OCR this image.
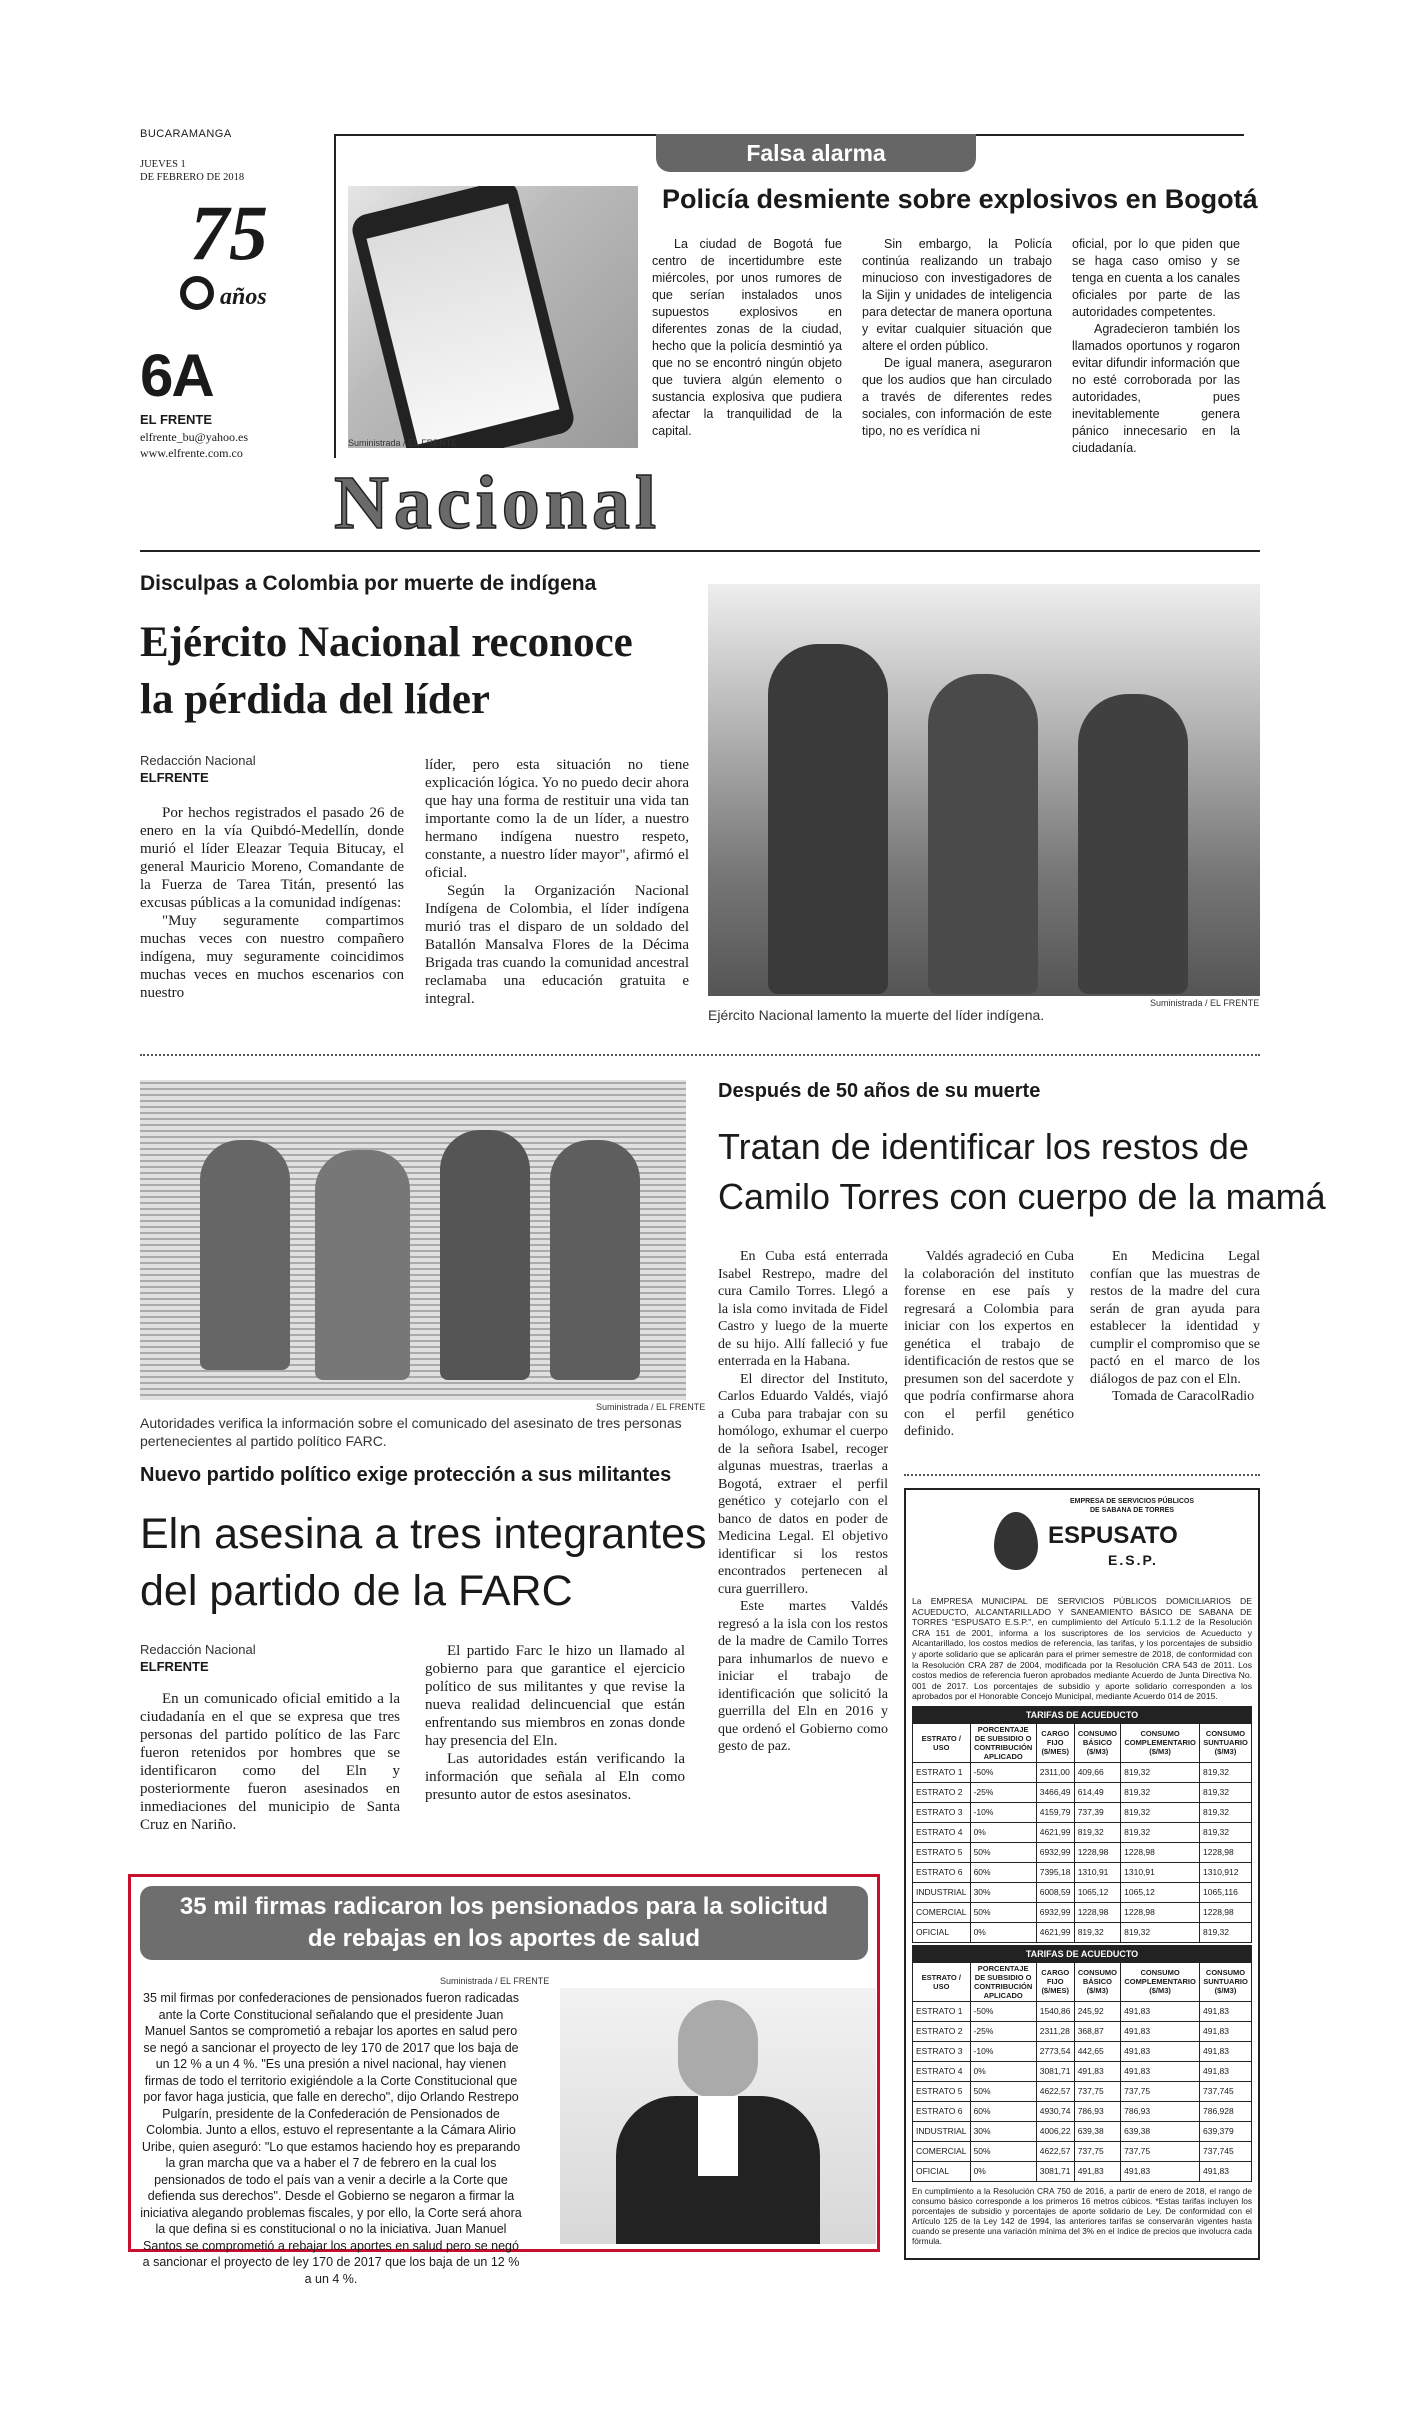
BUCARAMANGA
JUEVES 1
DE FEBRERO DE 2018
75
años
6A
EL FRENTE
elfrente_bu@yahoo.es
www.elfrente.com.co
Falsa alarma
Suministrada / EL FRENTE
Policía desmiente sobre explosivos en Bogotá

La ciudad de Bogotá fue centro de incertidumbre este miércoles, por unos rumores de que serían instalados unos supuestos explosivos en diferentes zonas de la ciudad, hecho que la policía desmintió ya que no se encontró ningún objeto que tuviera algún elemento o sustancia explosiva que pudiera afectar la tranquilidad de la capital.

Sin embargo, la Policía continúa realizando un trabajo minucioso con investigadores de la Sijin y unidades de inteligencia para detectar de manera oportuna y evitar cualquier situación que altere el orden público.

De igual manera, aseguraron que los audios que han circulado a través de diferentes redes sociales, con información de este tipo, no es verídica ni

oficial, por lo que piden que se haga caso omiso y se tenga en cuenta a los canales oficiales por parte de las autoridades competentes.

Agradecieron también los llamados oportunos y rogaron evitar difundir información que no esté corroborada por las autoridades, pues inevitablemente genera pánico innecesario en la ciudadanía.

Nacional
Disculpas a Colombia por muerte de indígena
Ejército Nacional reconoce
la pérdida del líder
Redacción Nacional
ELFRENTE

Por hechos registrados el pasado 26 de enero en la vía Quibdó-Medellín, donde murió el líder Eleazar Tequia Bitucay, el general Mauricio Moreno, Comandante de la Fuerza de Tarea Titán, presentó las excusas públicas a la comunidad indígenas:

"Muy seguramente compartimos muchas veces con nuestro compañero indígena, muy seguramente coincidimos muchas veces en muchos escenarios con nuestro

líder, pero esta situación no tiene explicación lógica. Yo no puedo decir ahora que hay una forma de restituir una vida tan importante como la de un líder, a nuestro hermano indígena nuestro respeto, constante, a nuestro líder mayor", afirmó el oficial.

Según la Organización Nacional Indígena de Colombia, el líder indígena murió tras el disparo de un soldado del Batallón Mansalva Flores de la Décima Brigada tras cuando la comunidad ancestral reclamaba una educación gratuita e integral.

Ejército Nacional lamento la muerte del líder indígena.
Suministrada / EL FRENTE
Suministrada / EL FRENTE
Autoridades verifica la información sobre el comunicado del asesinato de tres personas pertenecientes al partido político FARC.
Nuevo partido político exige protección a sus militantes
Eln asesina a tres integrantes
del partido de la FARC
Redacción Nacional
ELFRENTE

En un comunicado oficial emitido a la ciudadanía en el que se expresa que tres personas del partido político de las Farc fueron retenidos por hombres que se identificaron como del Eln y posteriormente fueron asesinados en inmediaciones del municipio de Santa Cruz en Nariño.

El partido Farc le hizo un llamado al gobierno para que garantice el ejercicio político de sus militantes y que revise la nueva realidad delincuencial que están enfrentando sus miembros en zonas donde hay presencia del Eln.

Las autoridades están verificando la información que señala al Eln como presunto autor de estos asesinatos.

Después de 50 años de su muerte
Tratan de identificar los restos de
Camilo Torres con cuerpo de la mamá

En Cuba está enterrada Isabel Restrepo, madre del cura Camilo Torres. Llegó a la isla como invitada de Fidel Castro y luego de la muerte de su hijo. Allí falleció y fue enterrada en la Habana.

El director del Instituto, Carlos Eduardo Valdés, viajó a Cuba para trabajar con su homólogo, exhumar el cuerpo de la señora Isabel, recoger algunas muestras, traerlas a Bogotá, extraer el perfil genético y cotejarlo con el banco de datos en poder de Medicina Legal. El objetivo identificar si los restos encontrados pertenecen al cura guerrillero.

Este martes Valdés regresó a la isla con los restos de la madre de Camilo Torres para inhumarlos de nuevo e iniciar el trabajo de identificación que solicitó la guerrilla del Eln en 2016 y que ordenó el Gobierno como gesto de paz.

Valdés agradeció en Cuba la colaboración del instituto forense en ese país y regresará a Colombia para iniciar con los expertos en genética el trabajo de identificación de restos que se presumen son del sacerdote y que podría confirmarse ahora con el perfil genético definido.

En Medicina Legal confían que las muestras de restos de la madre del cura serán de gran ayuda para establecer la identidad y cumplir el compromiso que se pactó en el marco de los diálogos de paz con el Eln.

Tomada de CaracolRadio

35 mil firmas radicaron los pensionados para la solicitud
de rebajas en los aportes de salud
Suministrada / EL FRENTE
35 mil firmas por confederaciones de pensionados fueron radicadas ante la Corte Constitucional señalando que el presidente Juan Manuel Santos se comprometió a rebajar los aportes en salud pero se negó a sancionar el proyecto de ley 170 de 2017 que los baja de un 12 % a un 4 %. "Es una presión a nivel nacional, hay vienen firmas de todo el territorio exigiéndole a la Corte Constitucional que por favor haga justicia, que falle en derecho", dijo Orlando Restrepo Pulgarín, presidente de la Confederación de Pensionados de Colombia. Junto a ellos, estuvo el representante a la Cámara Alirio Uribe, quien aseguró: "Lo que estamos haciendo hoy es preparando la gran marcha que va a haber el 7 de febrero en la cual los pensionados de todo el país van a venir a decirle a la Corte que defienda sus derechos". Desde el Gobierno se negaron a firmar la iniciativa alegando problemas fiscales, y por ello, la Corte será ahora la que defina si es constitucional o no la iniciativa. Juan Manuel Santos se comprometió a rebajar los aportes en salud pero se negó a sancionar el proyecto de ley 170 de 2017 que los baja de un 12 % a un 4 %.
EMPRESA DE SERVICIOS PÚBLICOS
DE SABANA DE TORRES
ESPUSATO
E.S.P.
La EMPRESA MUNICIPAL DE SERVICIOS PÚBLICOS DOMICILIARIOS DE ACUEDUCTO, ALCANTARILLADO Y SANEAMIENTO BÁSICO DE SABANA DE TORRES "ESPUSATO E.S.P.", en cumplimiento del Artículo 5.1.1.2 de la Resolución CRA 151 de 2001, informa a los suscriptores de los servicios de Acueducto y Alcantarillado, los costos medios de referencia, las tarifas, y los porcentajes de subsidio y aporte solidario que se aplicarán para el primer semestre de 2018, de conformidad con la Resolución CRA 287 de 2004, modificada por la Resolución CRA 543 de 2011. Los costos medios de referencia fueron aprobados mediante Acuerdo de Junta Directiva No. 001 de 2017. Los porcentajes de subsidio y aporte solidario corresponden a los aprobados por el Honorable Concejo Municipal, mediante Acuerdo 014 de 2015.
TARIFAS DE ACUEDUCTO					
ESTRATO / USO	PORCENTAJE DE SUBSIDIO O CONTRIBUCIÓN APLICADO	CARGO FIJO ($/MES)	CONSUMO BÁSICO ($/M3)	CONSUMO COMPLEMENTARIO ($/M3)	CONSUMO SUNTUARIO ($/M3)
ESTRATO 1	-50%	2311,00	409,66	819,32	819,32
ESTRATO 2	-25%	3466,49	614,49	819,32	819,32
ESTRATO 3	-10%	4159,79	737,39	819,32	819,32
ESTRATO 4	0%	4621,99	819,32	819,32	819,32
ESTRATO 5	50%	6932,99	1228,98	1228,98	1228,98
ESTRATO 6	60%	7395,18	1310,91	1310,91	1310,912
INDUSTRIAL	30%	6008,59	1065,12	1065,12	1065,116
COMERCIAL	50%	6932,99	1228,98	1228,98	1228,98
OFICIAL	0%	4621,99	819,32	819,32	819,32
TARIFAS DE ACUEDUCTO					
ESTRATO / USO	PORCENTAJE DE SUBSIDIO O CONTRIBUCIÓN APLICADO	CARGO FIJO ($/MES)	CONSUMO BÁSICO ($/M3)	CONSUMO COMPLEMENTARIO ($/M3)	CONSUMO SUNTUARIO ($/M3)
ESTRATO 1	-50%	1540,86	245,92	491,83	491,83
ESTRATO 2	-25%	2311,28	368,87	491,83	491,83
ESTRATO 3	-10%	2773,54	442,65	491,83	491,83
ESTRATO 4	0%	3081,71	491,83	491,83	491,83
ESTRATO 5	50%	4622,57	737,75	737,75	737,745
ESTRATO 6	60%	4930,74	786,93	786,93	786,928
INDUSTRIAL	30%	4006,22	639,38	639,38	639,379
COMERCIAL	50%	4622,57	737,75	737,75	737,745
OFICIAL	0%	3081,71	491,83	491,83	491,83
En cumplimiento a la Resolución CRA 750 de 2016, a partir de enero de 2018, el rango de consumo básico corresponde a los primeros 16 metros cúbicos. *Estas tarifas incluyen los porcentajes de subsidio y porcentajes de aporte solidario de Ley. De conformidad con el Artículo 125 de la Ley 142 de 1994, las anteriores tarifas se conservarán vigentes hasta cuando se presente una variación mínima del 3% en el índice de precios que involucra cada fórmula.
